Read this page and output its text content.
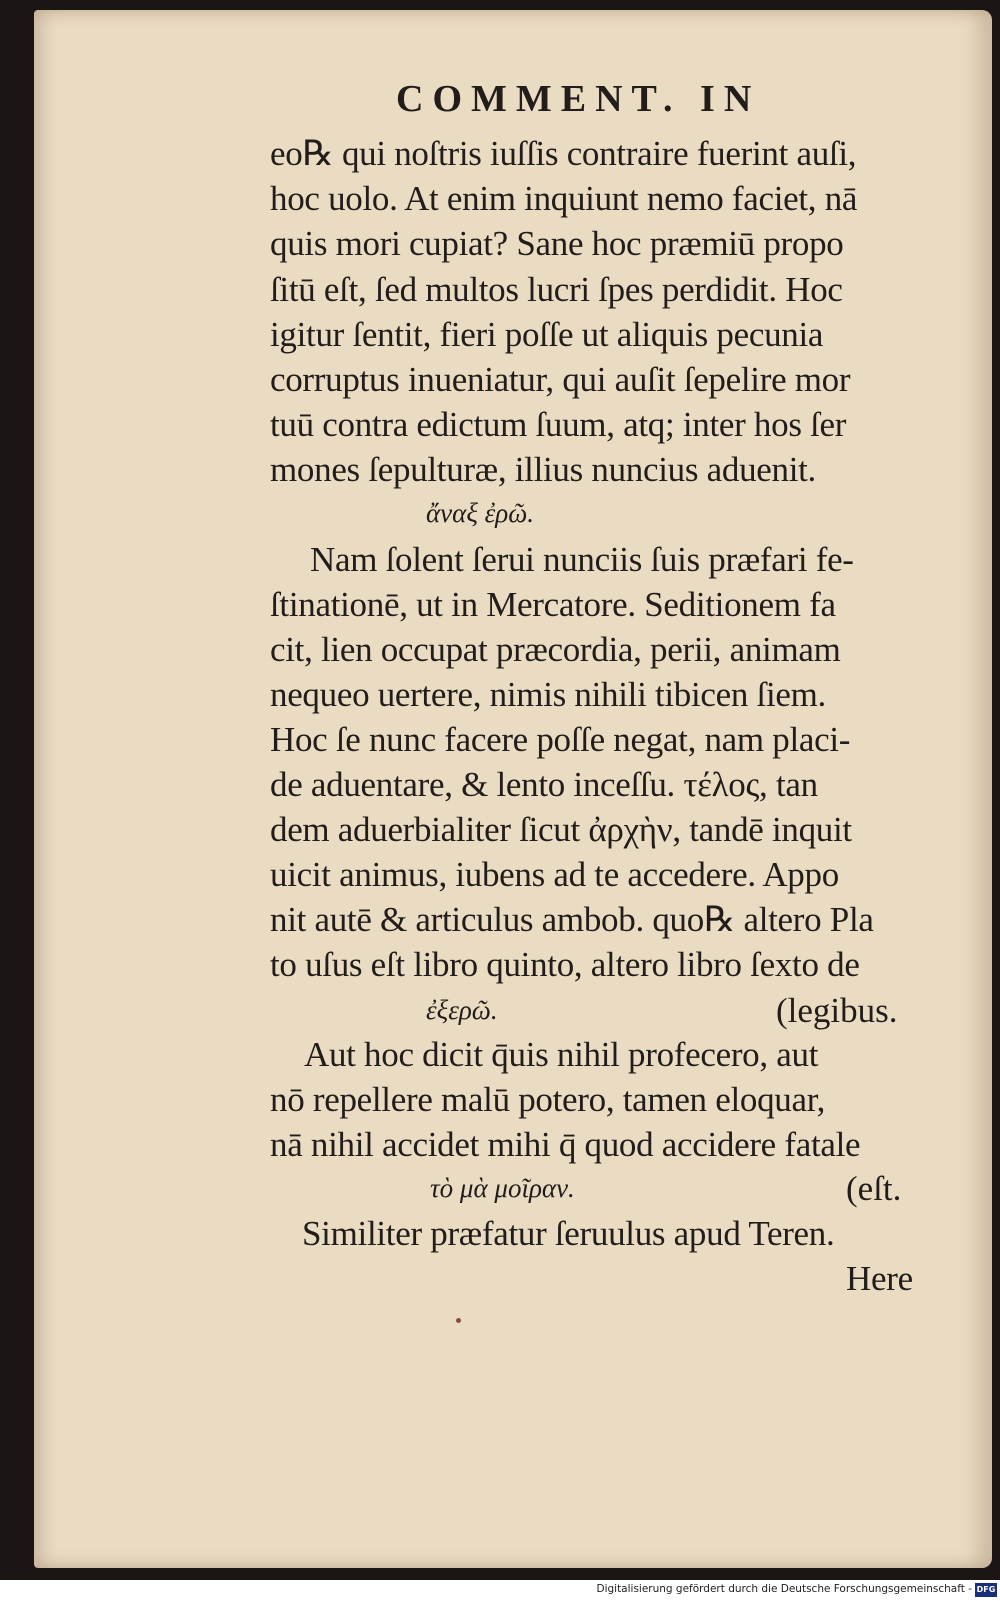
COMMENT. IN
eo℞ qui noſtris iuſſis contraire fuerint auſi,
hoc uolo. At enim inquiunt nemo faciet, nā
quis mori cupiat? Sane hoc præmiū propo
ſitū eſt, ſed multos lucri ſpes perdidit. Hoc
igitur ſentit, fieri poſſe ut aliquis pecunia
corruptus inueniatur, qui auſit ſepelire mor
tuū contra edictum ſuum, atq; inter hos ſer
mones ſepulturæ, illius nuncius aduenit.
ἄναξ ἐρῶ.
Nam ſolent ſerui nunciis ſuis præfari fe-
ſtinationē, ut in Mercatore. Seditionem fa
cit, lien occupat præcordia, perii, animam
nequeo uertere, nimis nihili tibicen ſiem.
Hoc ſe nunc facere poſſe negat, nam placi-
de aduentare, & lento inceſſu. τέλος, tan
dem aduerbialiter ſicut ἀρχὴν, tandē inquit
uicit animus, iubens ad te accedere. Appo
nit autē & articulus ambob. quo℞ altero Pla
to uſus eſt libro quinto, altero libro ſexto de
ἐξερῶ.	(legibus.
Aut hoc dicit q̄uis nihil profecero, aut
nō repellere malū potero, tamen eloquar,
nā nihil accidet mihi q̄ quod accidere fatale
τὸ μὰ μοῖραν.	(eſt.
Similiter præfatur ſeruulus apud Teren.
Here
Digitalisierung gefördert durch die Deutsche Forschungsgemeinschaft - DFG
